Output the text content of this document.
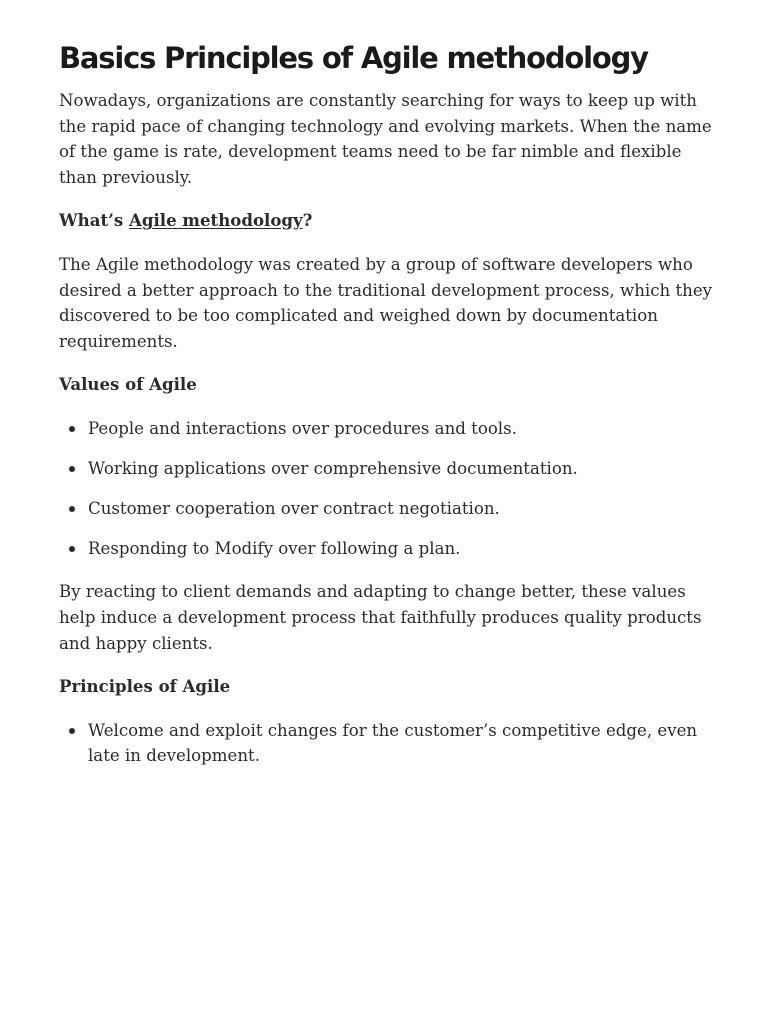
Basics Principles of Agile methodology

Nowadays, organizations are constantly searching for ways to keep up with the rapid pace of changing technology and evolving markets. When the name of the game is rate, development teams need to be far nimble and flexible than previously.

What’s Agile methodology?

The Agile methodology was created by a group of software developers who desired a better approach to the traditional development process, which they discovered to be too complicated and weighed down by documentation requirements.

Values of Agile

People and interactions over procedures and tools.
Working applications over comprehensive documentation.
Customer cooperation over contract negotiation.
Responding to Modify over following a plan.

By reacting to client demands and adapting to change better, these values help induce a development process that faithfully produces quality products and happy clients.

Principles of Agile

Welcome and exploit changes for the customer’s competitive edge, even late in development.
